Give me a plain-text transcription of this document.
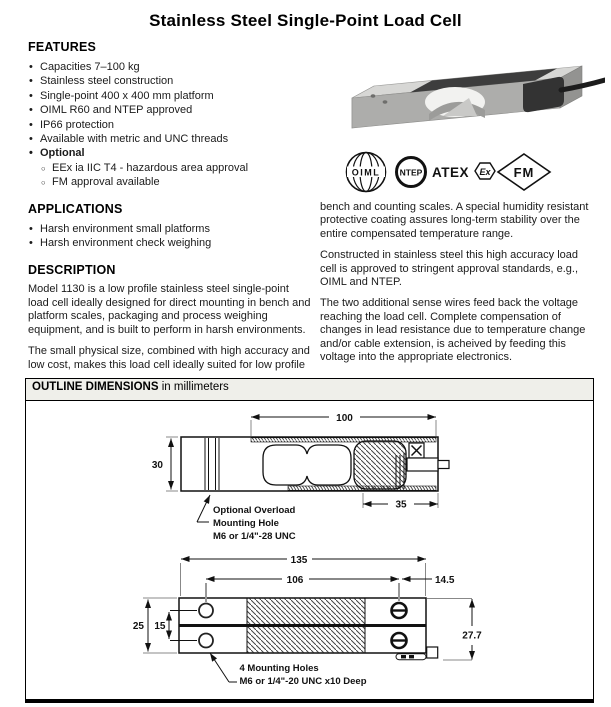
Stainless Steel Single-Point Load Cell
FEATURES
• Capacities 7–100 kg
• Stainless steel construction
• Single-point 400 x 400 mm platform
• OIML R60 and NTEP approved
• IP66 protection
• Available with metric and UNC threads
• Optional
○ EEx ia IIC T4 - hazardous area approval
○ FM approval available
APPLICATIONS
• Harsh environment small platforms
• Harsh environment check weighing
DESCRIPTION

Model 1130 is a low profile stainless steel single-point load cell ideally designed for direct mounting in bench and platform scales, packaging and process weighing equipment, and is built to perform in harsh environments.

The small physical size, combined with high accuracy and low cost, makes this load cell ideally suited for low profile

bench and counting scales. A special humidity resistant protective coating assures long-term stability over the entire compensated temperature range.

Constructed in stainless steel this high accuracy load cell is approved to stringent approval standards, e.g., OIML and NTEP.

The two additional sense wires feed back the voltage reaching the load cell. Complete compensation of changes in lead resistance due to temperature change and/or cable extension, is acheived by feeding this voltage into the appropriate electronics.

OIML NTEP ATEX Ex FM
OUTLINE DIMENSIONS in millimeters
100
30
35
Optional Overload
Mounting Hole
M6 or 1/4"-28 UNC
135
106	14.5
25 15
27.7
4 Mounting Holes
M6 or 1/4"-20 UNC x10 Deep
